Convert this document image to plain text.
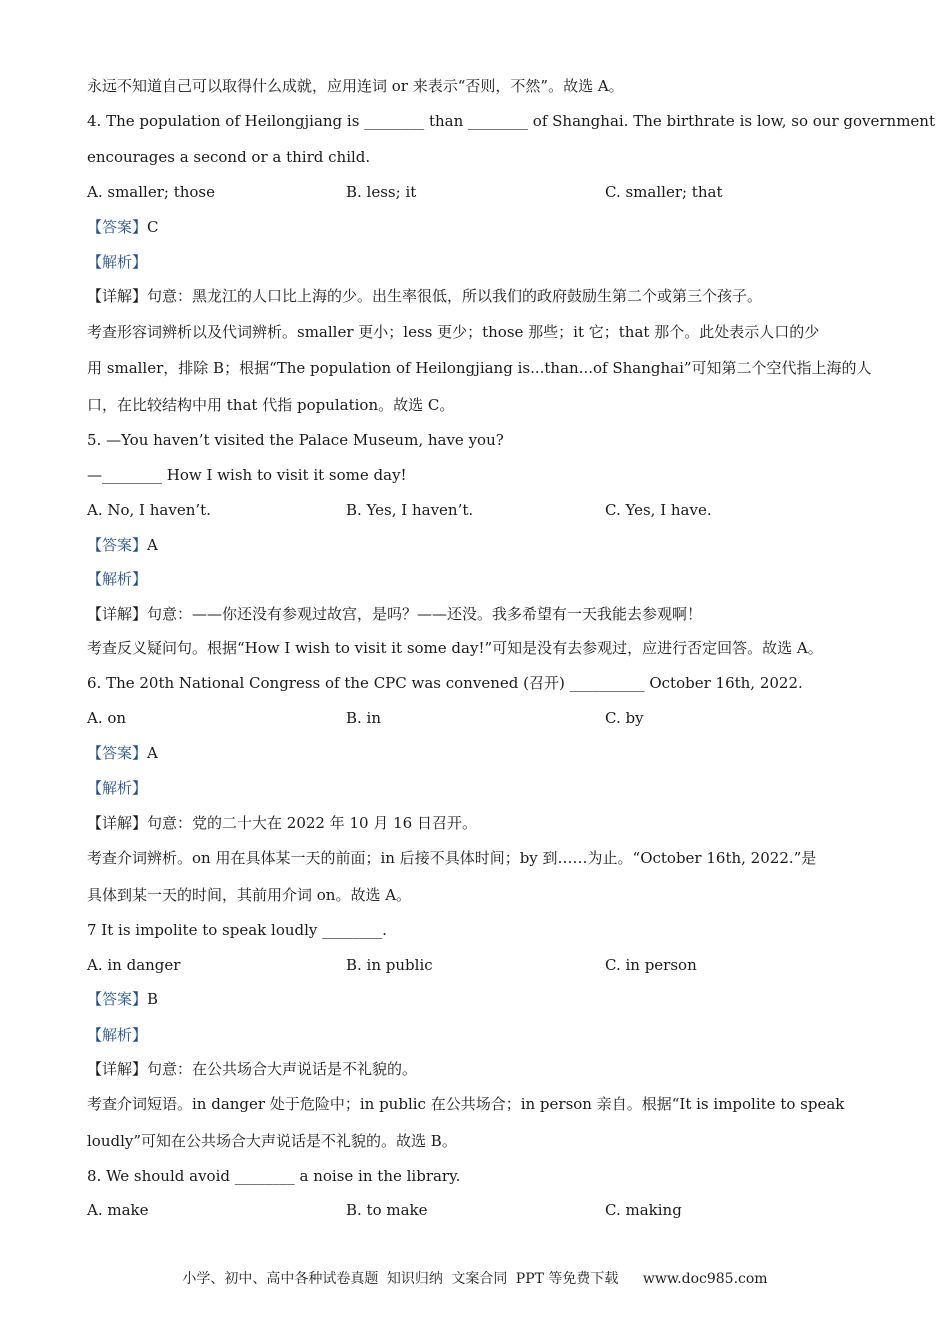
永远不知道自己可以取得什么成就，应用连词 or 来表示“否则，不然”。故选 A。
4. The population of Heilongjiang is ________ than ________ of Shanghai. The birthrate is low, so our government
encourages a second or a third child.
A. smaller; those	B. less; it	C. smaller; that
【答案】C
【解析】
【详解】句意：黑龙江的人口比上海的少。出生率很低，所以我们的政府鼓励生第二个或第三个孩子。
考查形容词辨析以及代词辨析。smaller 更小；less 更少；those 那些；it 它；that 那个。此处表示人口的少
用 smaller，排除 B；根据“The population of Heilongjiang is...than...of Shanghai”可知第二个空代指上海的人
口，在比较结构中用 that 代指 population。故选 C。
5. —You haven’t visited the Palace Museum, have you?
—________ How I wish to visit it some day!
A. No, I haven’t.	B. Yes, I haven’t.	C. Yes, I have.
【答案】A
【解析】
【详解】句意：——你还没有参观过故宫，是吗？——还没。我多希望有一天我能去参观啊！
考查反义疑问句。根据“How I wish to visit it some day!”可知是没有去参观过，应进行否定回答。故选 A。
6. The 20th National Congress of the CPC was convened (召开) __________ October 16th, 2022.
A. on	B. in	C. by
【答案】A
【解析】
【详解】句意：党的二十大在 2022 年 10 月 16 日召开。
考查介词辨析。on 用在具体某一天的前面；in 后接不具体时间；by 到……为止。“October 16th, 2022.”是
具体到某一天的时间，其前用介词 on。故选 A。
7 It is impolite to speak loudly ________.
A. in danger	B. in public	C. in person
【答案】B
【解析】
【详解】句意：在公共场合大声说话是不礼貌的。
考查介词短语。in danger 处于危险中；in public 在公共场合；in person 亲自。根据“It is impolite to speak
loudly”可知在公共场合大声说话是不礼貌的。故选 B。
8. We should avoid ________ a noise in the library.
A. make	B. to make	C. making
小学、初中、高中各种试卷真题 知识归纳 文案合同 PPT 等免费下载 www.doc985.com
